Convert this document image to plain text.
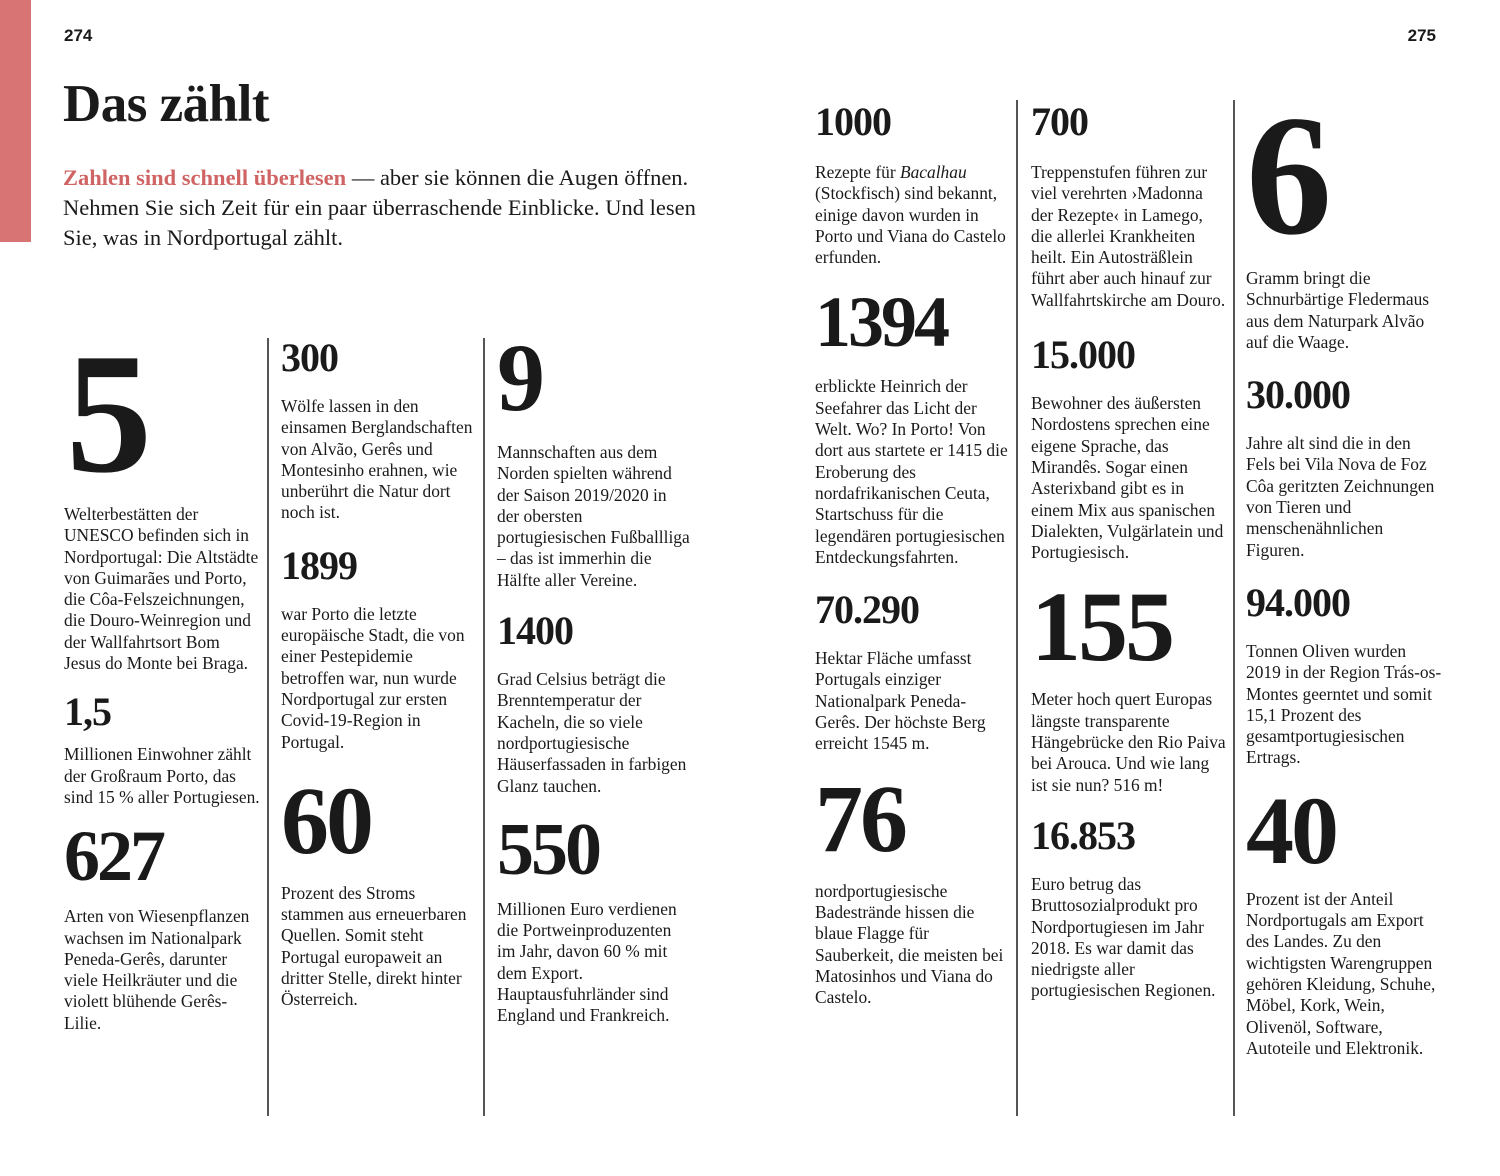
274	275
Das zählt

Zahlen sind schnell überlesen — aber sie können die Augen öffnen. Nehmen Sie sich Zeit für ein paar überraschende Einblicke. Und lesen Sie, was in Nordportugal zählt.

5
Welterbestätten der UNESCO befinden sich in Nordportugal: Die Altstädte von Guimarães und Porto, die Côa-Felszeichnungen, die Douro-Weinregion und der Wallfahrtsort Bom Jesus do Monte bei Braga.
1,5
Millionen Einwohner zählt der Großraum Porto, das sind 15 % aller Portugiesen.
627
Arten von Wiesenpflanzen wachsen im Nationalpark Peneda-Gerês, darunter viele Heilkräuter und die violett blühende Gerês-Lilie.
300
Wölfe lassen in den einsamen Berglandschaften von Alvão, Gerês und Montesinho erahnen, wie unberührt die Natur dort noch ist.
1899
war Porto die letzte europäische Stadt, die von einer Pestepidemie betroffen war, nun wurde Nordportugal zur ersten Covid-19-Region in Portugal.
60
Prozent des Stroms stammen aus erneuerbaren Quellen. Somit steht Portugal europaweit an dritter Stelle, direkt hinter Österreich.
9
Mannschaften aus dem Norden spielten während der Saison 2019/2020 in der obersten portugiesischen Fußballliga – das ist immerhin die Hälfte aller Vereine.
1400
Grad Celsius beträgt die Brenntemperatur der Kacheln, die so viele nordportugiesische Häuserfassaden in farbigen Glanz tauchen.
550
Millionen Euro verdienen die Portweinproduzenten im Jahr, davon 60 % mit dem Export. Hauptausfuhrländer sind England und Frankreich.
1000
Rezepte für Bacalhau (Stockfisch) sind bekannt, einige davon wurden in Porto und Viana do Castelo erfunden.
1394
erblickte Heinrich der Seefahrer das Licht der Welt. Wo? In Porto! Von dort aus startete er 1415 die Eroberung des nordafrikanischen Ceuta, Startschuss für die legendären portugiesischen Entdeckungsfahrten.
70.290
Hektar Fläche umfasst Portugals einziger Nationalpark Peneda-Gerês. Der höchste Berg erreicht 1545 m.
76
nordportugiesische Badestrände hissen die blaue Flagge für Sauberkeit, die meisten bei Matosinhos und Viana do Castelo.
700
Treppenstufen führen zur viel verehrten ›Madonna der Rezepte‹ in Lamego, die allerlei Krankheiten heilt. Ein Autosträßlein führt aber auch hinauf zur Wallfahrtskirche am Douro.
15.000
Bewohner des äußersten Nordostens sprechen eine eigene Sprache, das Mirandês. Sogar einen Asterixband gibt es in einem Mix aus spanischen Dialekten, Vulgärlatein und Portugiesisch.
155
Meter hoch quert Europas längste transparente Hängebrücke den Rio Paiva bei Arouca. Und wie lang ist sie nun? 516 m!
16.853
Euro betrug das Bruttosozialprodukt pro Nordportugiesen im Jahr 2018. Es war damit das niedrigste aller portugiesischen Regionen.
6
Gramm bringt die Schnurbärtige Fledermaus aus dem Naturpark Alvão auf die Waage.
30.000
Jahre alt sind die in den Fels bei Vila Nova de Foz Côa geritzten Zeichnungen von Tieren und menschenähnlichen Figuren.
94.000
Tonnen Oliven wurden 2019 in der Region Trás-os-Montes geerntet und somit 15,1 Prozent des gesamtportugiesischen Ertrags.
40
Prozent ist der Anteil Nordportugals am Export des Landes. Zu den wichtigsten Warengruppen gehören Kleidung, Schuhe, Möbel, Kork, Wein, Olivenöl, Software, Autoteile und Elektronik.
